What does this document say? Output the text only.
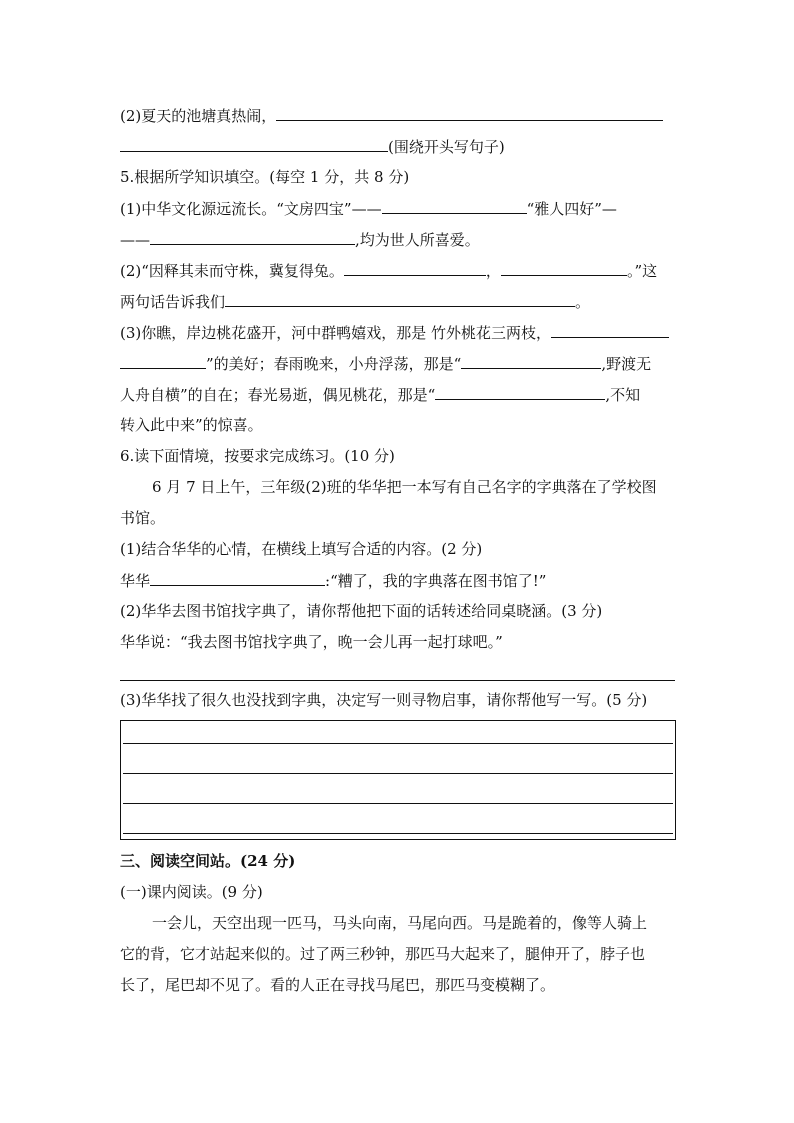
(2)夏天的池塘真热闹，
(围绕开头写句子)
5.根据所学知识填空。(每空 1 分，共 8 分)
(1)中华文化源远流长。“文房四宝”——	“雅人四好”—
——	,均为世人所喜爱。
(2)“因释其耒而守株，冀复得兔。	，	。”这
两句话告诉我们	。
(3)你瞧，岸边桃花盛开，河中群鸭嬉戏，那是 竹外桃花三两枝，
”的美好；春雨晚来，小舟浮荡，那是“	,野渡无
人舟自横”的自在；春光易逝，偶见桃花，那是“	,不知
转入此中来”的惊喜。
6.读下面情境，按要求完成练习。(10 分)
6 月 7 日上午，三年级(2)班的华华把一本写有自己名字的字典落在了学校图
书馆。
(1)结合华华的心情，在横线上填写合适的内容。(2 分)
华华	:“糟了，我的字典落在图书馆了!”
(2)华华去图书馆找字典了，请你帮他把下面的话转述给同桌晓涵。(3 分)
华华说：“我去图书馆找字典了，晚一会儿再一起打球吧。”
(3)华华找了很久也没找到字典，决定写一则寻物启事，请你帮他写一写。(5 分)
三、阅读空间站。(24 分)
(一)课内阅读。(9 分)
一会儿，天空出现一匹马，马头向南，马尾向西。马是跪着的，像等人骑上
它的背，它才站起来似的。过了两三秒钟，那匹马大起来了，腿伸开了，脖子也
长了，尾巴却不见了。看的人正在寻找马尾巴，那匹马变模糊了。
